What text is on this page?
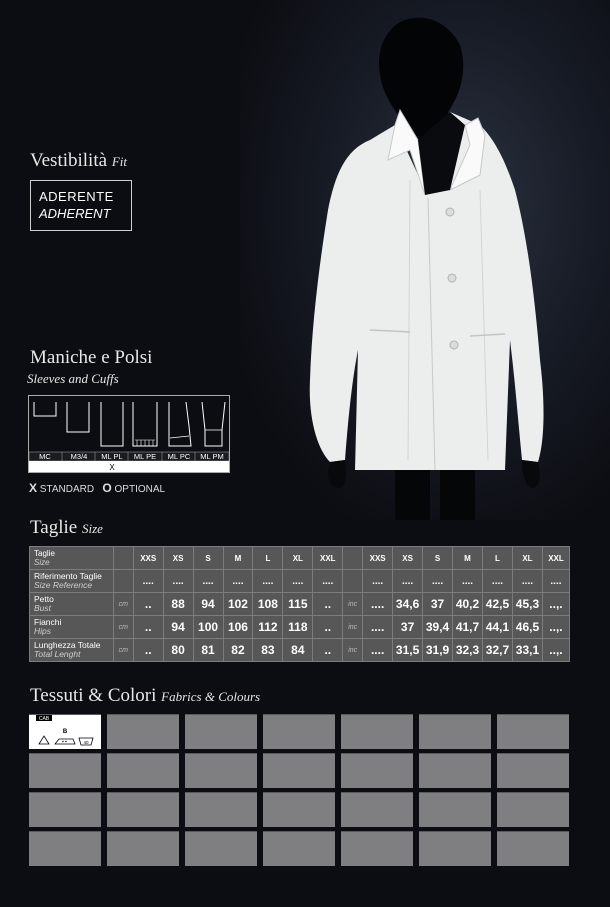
Vestibilità Fit
ADERENTE
ADHERENT
Maniche e Polsi
Sleeves and Cuffs
MC	M3/4 ML PL ML PE ML PC ML PM
X
X STANDARD O OPTIONAL
Taglie Size
Taglie
Size		XXS	XS	S	M	L	XL	XXL		XXS	XS	S	M	L	XL	XXL

Riferimento Taglie
Size Reference		....	....	....	....	....	....	....		....	....	....	....	....	....	....

Petto
Bust	cm	..	88	94	102	108	115	..	inc	....	34,6	37	40,2	42,5	45,3	..,.

Fianchi
Hips	cm	..	94	100	106	112	118	..	inc	....	37	39,4	41,7	44,1	46,5	..,.

Lunghezza Totale
Total Lenght	cm	..	80	81	82	83	84	..	inc	....	31,5	31,9	32,3	32,7	33,1	..,.
Tessuti & Colori Fabrics & Colours
CAB
B
40
